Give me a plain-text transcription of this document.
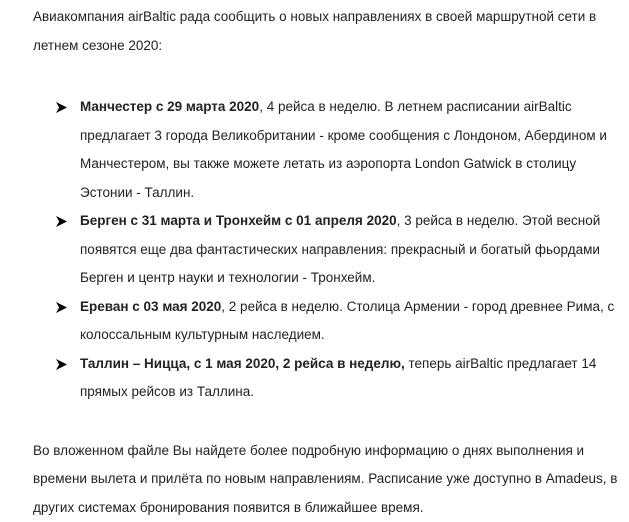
Авиакомпания airBaltic рада сообщить о новых направлениях в своей маршрутной сети в летнем сезоне 2020:

Манчестер с 29 марта 2020, 4 рейса в неделю. В летнем расписании airBaltic предлагает 3 города Великобритании - кроме сообщения с Лондоном, Абердином и Манчестером, вы также можете летать из аэропорта London Gatwick в столицу Эстонии - Таллин.
Берген с 31 марта и Тронхейм с 01 апреля 2020, 3 рейса в неделю. Этой весной появятся еще два фантастических направления: прекрасный и богатый фьордами Берген и центр науки и технологии - Тронхейм.
Ереван с 03 мая 2020, 2 рейса в неделю. Столица Армении - город древнее Рима, с колоссальным культурным наследием.
Таллин – Ницца, с 1 мая 2020, 2 рейса в неделю, теперь airBaltic предлагает 14 прямых рейсов из Таллина.

Во вложенном файле Вы найдете более подробную информацию о днях выполнения и времени вылета и прилёта по новым направлениям. Расписание уже доступно в Amadeus, в других системах бронирования появится в ближайшее время.
